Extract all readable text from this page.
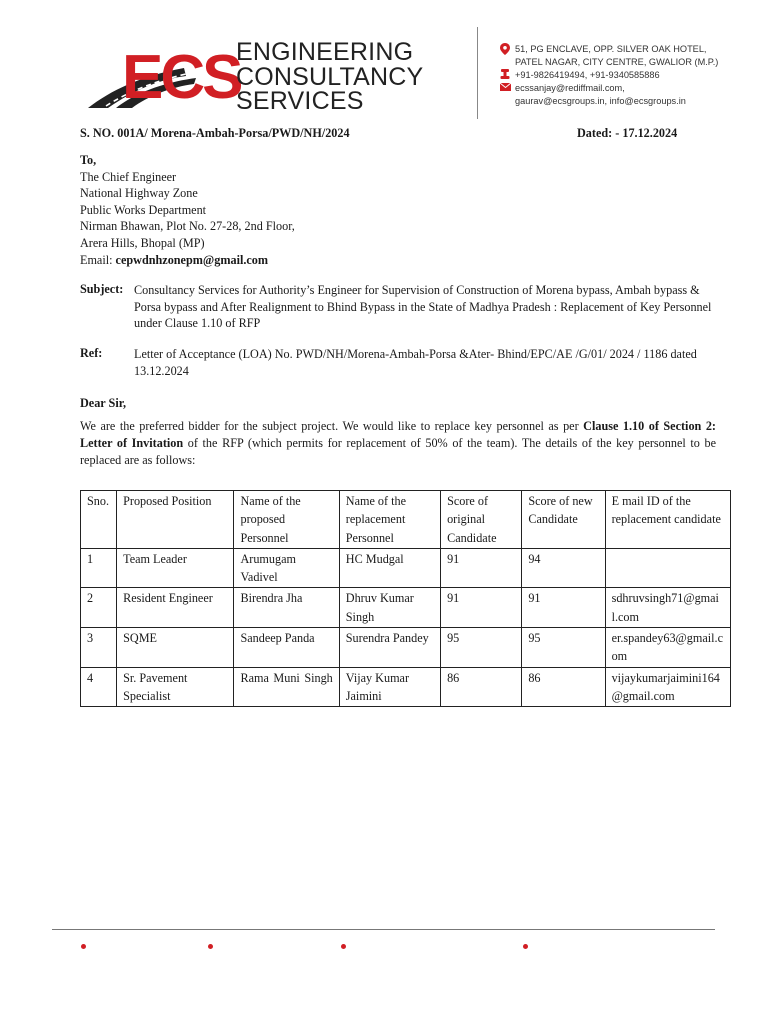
ECS
ENGINEERING
CONSULTANCY
SERVICES
51, PG ENCLAVE, OPP. SILVER OAK HOTEL,
PATEL NAGAR, CITY CENTRE, GWALIOR (M.P.)
+91-9826419494, +91-9340585886
ecssanjay@rediffmail.com,
gaurav@ecsgroups.in, info@ecsgroups.in
S. NO. 001A/ Morena-Ambah-Porsa/PWD/NH/2024	Dated: - 17.12.2024
To,
The Chief Engineer
National Highway Zone
Public Works Department
Nirman Bhawan, Plot No. 27-28, 2nd Floor,
Arera Hills, Bhopal (MP)
Email: cepwdnhzonepm@gmail.com
Subject: Consultancy Services for Authority’s Engineer for Supervision of Construction of Morena bypass, Ambah bypass & Porsa bypass and After Realignment to Bhind Bypass in the State of Madhya Pradesh : Replacement of Key Personnel under Clause 1.10 of RFP
Ref:	Letter of Acceptance (LOA) No. PWD/NH/Morena-Ambah-Porsa &Ater- Bhind/EPC/AE /G/01/ 2024 / 1186 dated 13.12.2024
Dear Sir,
We are the preferred bidder for the subject project. We would like to replace key personnel as per Clause 1.10 of Section 2: Letter of Invitation of the RFP (which permits for replacement of 50% of the team). The details of the key personnel to be replaced are as follows:
Sno.	Proposed Position	Name of the proposed Personnel	Name of the replacement Personnel	Score of original Candidate	Score of new Candidate	E mail ID of the replacement candidate
1	Team Leader	Arumugam Vadivel	HC Mudgal	91	94	
2	Resident Engineer	Birendra Jha	Dhruv Kumar Singh	91	91	sdhruvsingh71@gmail.com
3	SQME	Sandeep Panda	Surendra Pandey	95	95	er.spandey63@gmail.com
4	Sr. Pavement Specialist	Rama Muni Singh	Vijay Kumar Jaimini	86	86	vijaykumarjaimini164@gmail.com
